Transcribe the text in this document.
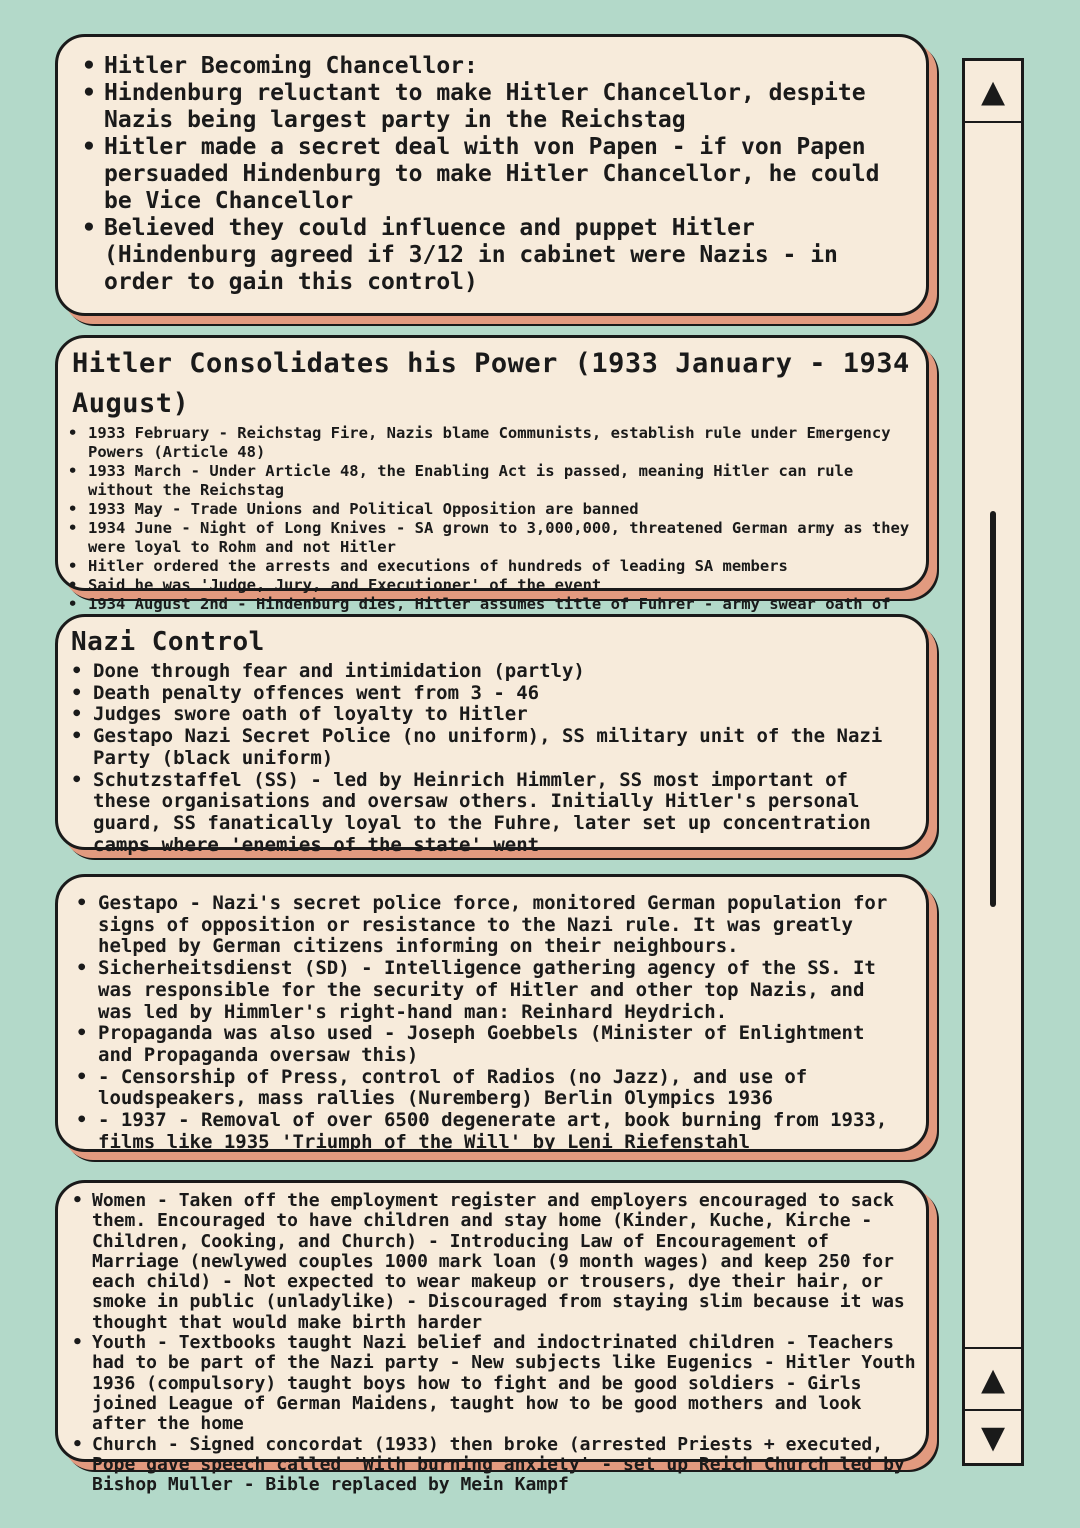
• Hitler Becoming Chancellor:
• Hindenburg reluctant to make Hitler Chancellor, despite Nazis being largest party in the Reichstag
• Hitler made a secret deal with von Papen - if von Papen persuaded Hindenburg to make Hitler Chancellor, he could be Vice Chancellor
• Believed they could influence and puppet Hitler (Hindenburg agreed if 3/12 in cabinet were Nazis - in order to gain this control)
Hitler Consolidates his Power (1933 January - 1934 August)
• 1933 February - Reichstag Fire, Nazis blame Communists, establish rule under Emergency Powers (Article 48)
• 1933 March - Under Article 48, the Enabling Act is passed, meaning Hitler can rule without the Reichstag
• 1933 May - Trade Unions and Political Opposition are banned
• 1934 June - Night of Long Knives - SA grown to 3,000,000, threatened German army as they were loyal to Rohm and not Hitler
• Hitler ordered the arrests and executions of hundreds of leading SA members
• Said he was 'Judge, Jury, and Executioner' of the event
• 1934 August 2nd - Hindenburg dies, Hitler assumes title of Fuhrer - army swear oath of
Nazi Control
• Done through fear and intimidation (partly)
• Death penalty offences went from 3 - 46
• Judges swore oath of loyalty to Hitler
• Gestapo Nazi Secret Police (no uniform), SS military unit of the Nazi Party (black uniform)
• Schutzstaffel (SS) - led by Heinrich Himmler, SS most important of these organisations and oversaw others. Initially Hitler's personal guard, SS fanatically loyal to the Fuhre, later set up concentration camps where 'enemies of the state' went
• Gestapo - Nazi's secret police force, monitored German population for signs of opposition or resistance to the Nazi rule. It was greatly helped by German citizens informing on their neighbours.
• Sicherheitsdienst (SD) - Intelligence gathering agency of the SS. It was responsible for the security of Hitler and other top Nazis, and was led by Himmler's right-hand man: Reinhard Heydrich.
• Propaganda was also used - Joseph Goebbels (Minister of Enlightment and Propaganda oversaw this)
• - Censorship of Press, control of Radios (no Jazz), and use of loudspeakers, mass rallies (Nuremberg) Berlin Olympics 1936
• - 1937 - Removal of over 6500 degenerate art, book burning from 1933, films like 1935 'Triumph of the Will' by Leni Riefenstahl
• Women - Taken off the employment register and employers encouraged to sack them. Encouraged to have children and stay home (Kinder, Kuche, Kirche - Children, Cooking, and Church) - Introducing Law of Encouragement of Marriage (newlywed couples 1000 mark loan (9 month wages) and keep 250 for each child) - Not expected to wear makeup or trousers, dye their hair, or smoke in public (unladylike) - Discouraged from staying slim because it was thought that would make birth harder
• Youth - Textbooks taught Nazi belief and indoctrinated children - Teachers had to be part of the Nazi party - New subjects like Eugenics - Hitler Youth 1936 (compulsory) taught boys how to fight and be good soldiers - Girls joined League of German Maidens, taught how to be good mothers and look after the home
• Church - Signed concordat (1933) then broke (arrested Priests + executed, Pope gave speech called 'With burning anxiety' - set up Reich Church led by Bishop Muller - Bible replaced by Mein Kampf
▲
▲
▼
